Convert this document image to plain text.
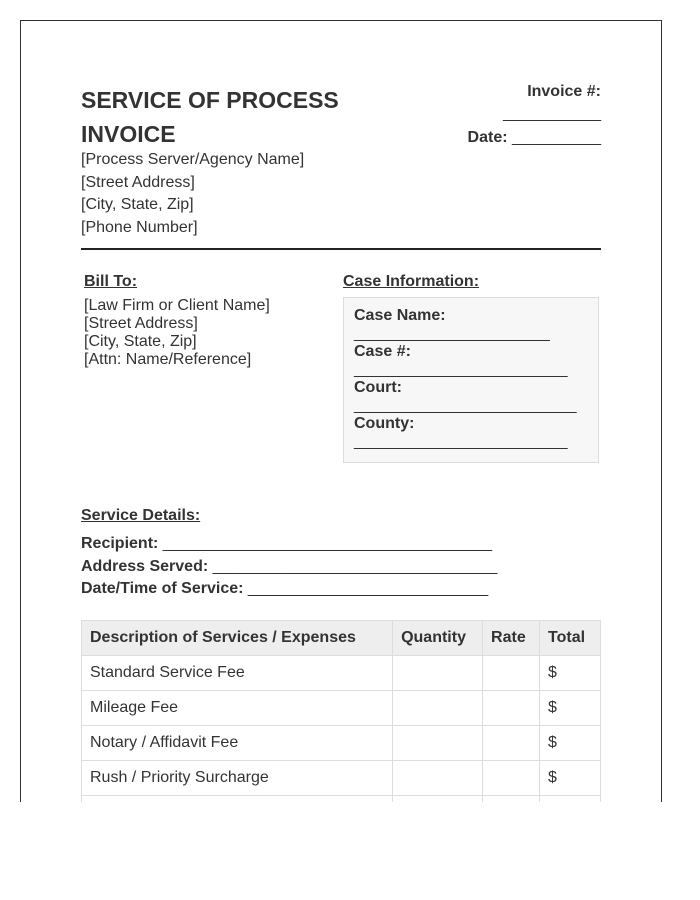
SERVICE OF PROCESS
INVOICE
Invoice #:
___________
Date: __________
[Process Server/Agency Name]
[Street Address]
[City, State, Zip]
[Phone Number]
Bill To:
[Law Firm or Client Name]
[Street Address]
[City, State, Zip]
[Attn: Name/Reference]
Case Information:
Case Name:
______________________
Case #:
________________________
Court:
_________________________
County:
________________________
Service Details:
Recipient: _____________________________________
Address Served: ________________________________
Date/Time of Service: ___________________________
Description of Services / Expenses	Quantity	Rate	Total
Standard Service Fee			$
Mileage Fee			$
Notary / Affidavit Fee			$
Rush / Priority Surcharge			$
